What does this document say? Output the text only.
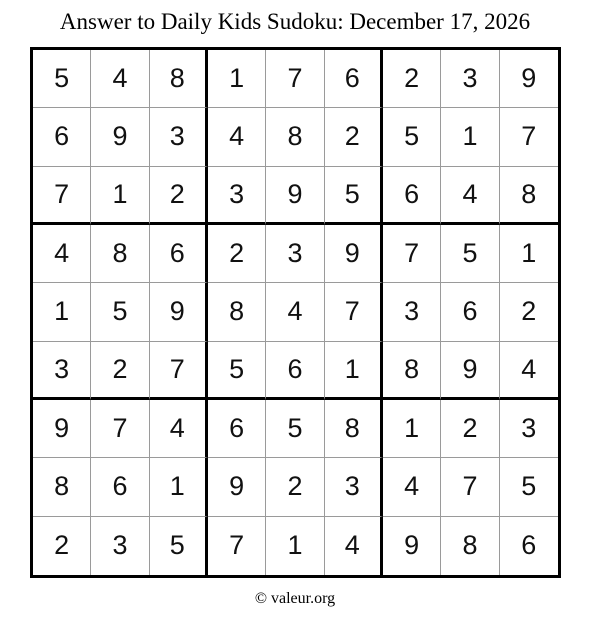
Answer to Daily Kids Sudoku: December 17, 2026
5	4	8	1	7	6	2	3	9
6	9	3	4	8	2	5	1	7
7	1	2	3	9	5	6	4	8
4	8	6	2	3	9	7	5	1
1	5	9	8	4	7	3	6	2
3	2	7	5	6	1	8	9	4
9	7	4	6	5	8	1	2	3
8	6	1	9	2	3	4	7	5
2	3	5	7	1	4	9	8	6
© valeur.org
